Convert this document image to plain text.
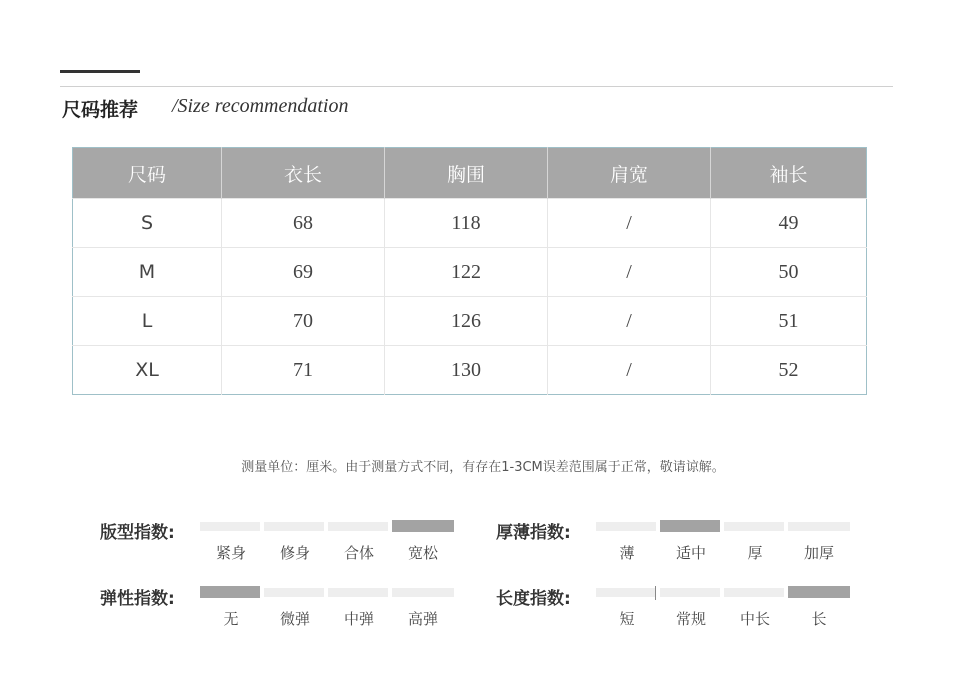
尺码推荐 /Size recommendation
尺码	衣长	胸围	肩宽	袖长
S	68	118	/	49
M	69	122	/	50
L	70	126	/	51
XL	71	130	/	52
测量单位：厘米。由于测量方式不同，有存在1-3CM误差范围属于正常，敬请谅解。
版型指数:
紧身	修身	合体	宽松
厚薄指数:
薄	适中	厚	加厚
弹性指数:
无	微弹	中弹	高弹
长度指数:
短	常规	中长	长
